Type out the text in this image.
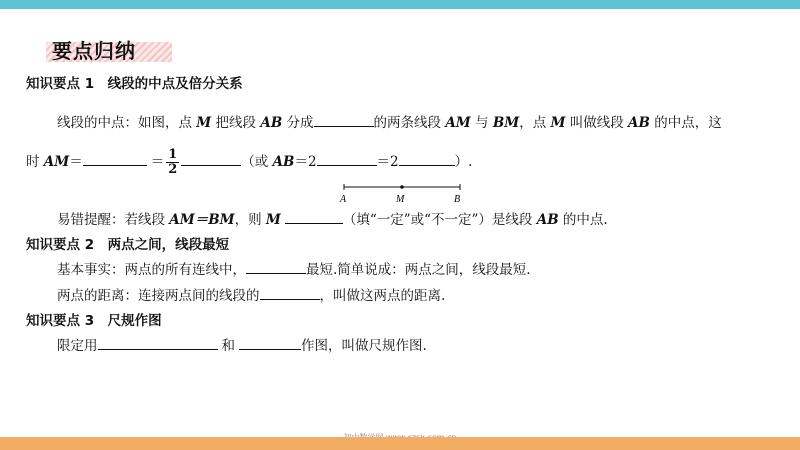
要点归纳
知识要点 1　线段的中点及倍分关系
线段的中点：如图，点 M 把线段 AB 分成	的两条线段 AM 与 BM，点 M 叫做线段 AB 的中点，这
时 AM＝	＝ $\frac{1}{2}$	（或 AB＝2	＝2	）.
A	M	B
易错提醒：若线段 AM＝BM，则 M	（填“一定”或“不一定”）是线段 AB 的中点.
知识要点 2　两点之间，线段最短
基本事实：两点的所有连线中，	最短.简单说成：两点之间，线段最短.
两点的距离：连接两点间的线段的	，叫做这两点的距离.
知识要点 3　尺规作图
限定用	和	作图，叫做尺规作图.
